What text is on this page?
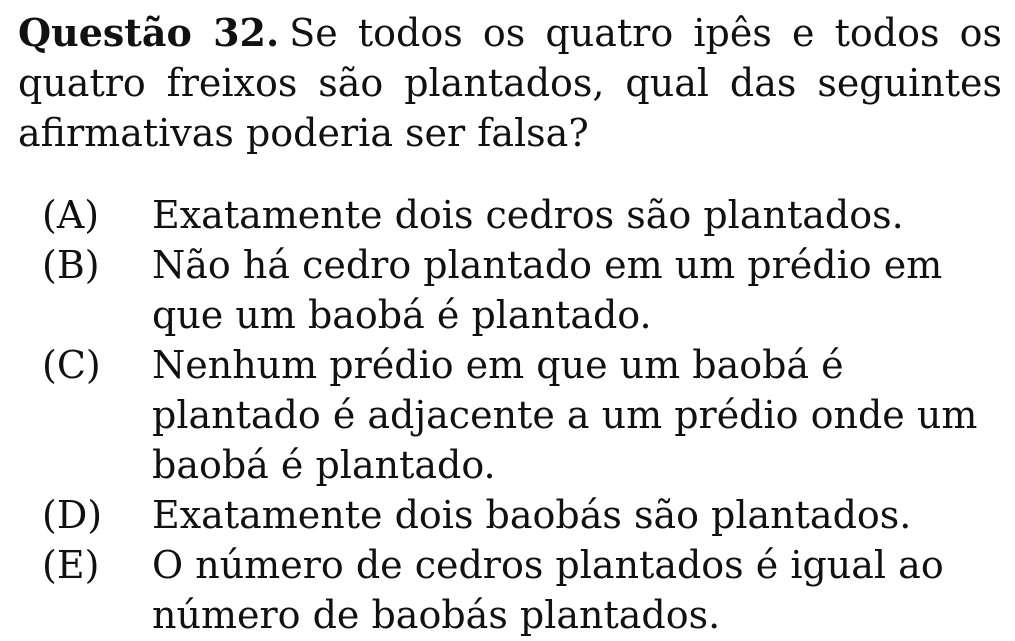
Questão 32. Se todos os quatro ipês e todos os quatro freixos são plantados, qual das seguintes afirmativas poderia ser falsa?

(A)	Exatamente dois cedros são plantados.
(B)	Não há cedro plantado em um prédio em que um baobá é plantado.
(C)	Nenhum prédio em que um baobá é plantado é adjacente a um prédio onde um baobá é plantado.
(D)	Exatamente dois baobás são plantados.
(E)	O número de cedros plantados é igual ao número de baobás plantados.
